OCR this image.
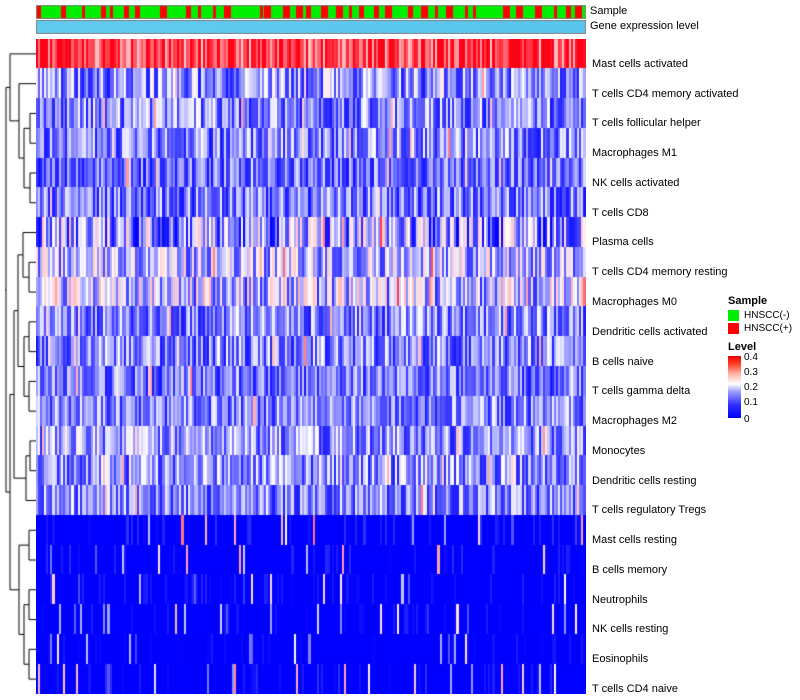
Sample
Gene expression level
Mast cells activated
T cells CD4 memory activated
T cells follicular helper
Macrophages M1
NK cells activated
T cells CD8
Plasma cells
T cells CD4 memory resting
Macrophages M0
Dendritic cells activated
B cells naive
T cells gamma delta
Macrophages M2
Monocytes
Dendritic cells resting
T cells regulatory Tregs
Mast cells resting
B cells memory
Neutrophils
NK cells resting
Eosinophils
T cells CD4 naive
Sample
HNSCC(-)
HNSCC(+)
Level
0.4
0.3
0.2
0.1
0
